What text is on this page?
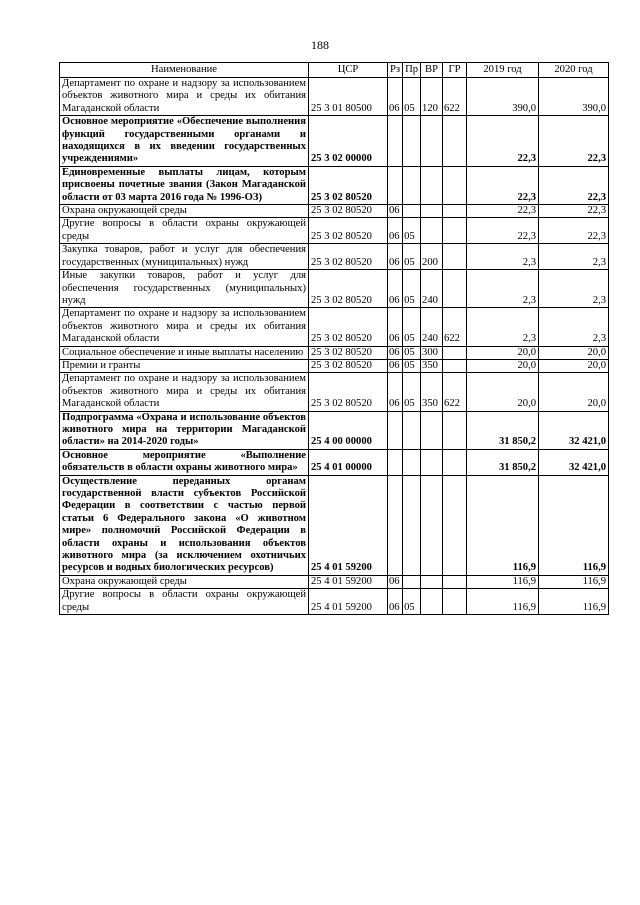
188
Наименование	ЦСР	Рз	Пр	ВР	ГР	2019 год	2020 год
Департамент по охране и надзору за использованием объектов животного мира и среды их обитания Магаданской области	25 3 01 80500	06	05	120	622	390,0	390,0
Основное мероприятие «Обеспечение выполнения функций государственными органами и находящихся в их введении государственных учреждениями»	25 3 02 00000					22,3	22,3
Единовременные выплаты лицам, которым присвоены почетные звания (Закон Магаданской области от 03 марта 2016 года № 1996-ОЗ)	25 3 02 80520					22,3	22,3
Охрана окружающей среды	25 3 02 80520	06				22,3	22,3
Другие вопросы в области охраны окружающей среды	25 3 02 80520	06	05			22,3	22,3
Закупка товаров, работ и услуг для обеспечения государственных (муниципальных) нужд	25 3 02 80520	06	05	200		2,3	2,3
Иные закупки товаров, работ и услуг для обеспечения государственных (муниципальных) нужд	25 3 02 80520	06	05	240		2,3	2,3
Департамент по охране и надзору за использованием объектов животного мира и среды их обитания Магаданской области	25 3 02 80520	06	05	240	622	2,3	2,3
Социальное обеспечение и иные выплаты населению	25 3 02 80520	06	05	300		20,0	20,0
Премии и гранты	25 3 02 80520	06	05	350		20,0	20,0
Департамент по охране и надзору за использованием объектов животного мира и среды их обитания Магаданской области	25 3 02 80520	06	05	350	622	20,0	20,0
Подпрограмма «Охрана и использование объектов животного мира на территории Магаданской области» на 2014-2020 годы»	25 4 00 00000					31 850,2	32 421,0
Основное мероприятие «Выполнение обязательств в области охраны животного мира»	25 4 01 00000					31 850,2	32 421,0
Осуществление переданных органам государственной власти субъектов Российской Федерации в соответствии с частью первой статьи 6 Федерального закона «О животном мире» полномочий Российской Федерации в области охраны и использования объектов животного мира (за исключением охотничьих ресурсов и водных биологических ресурсов)	25 4 01 59200					116,9	116,9
Охрана окружающей среды	25 4 01 59200	06				116,9	116,9
Другие вопросы в области охраны окружающей среды	25 4 01 59200	06	05			116,9	116,9
